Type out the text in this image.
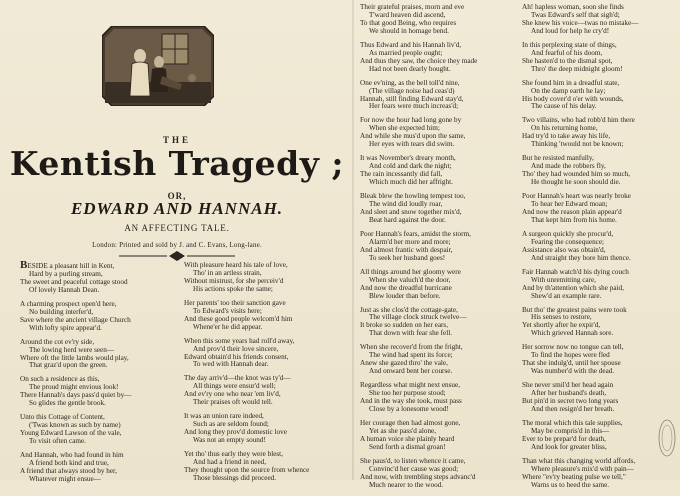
THE
Kentish Tragedy ;
OR,
EDWARD AND HANNAH.
AN AFFECTING TALE.
London: Printed and sold by J. and C. Evans, Long-lane.
BESIDE a pleasant hill in Kent,
Hard by a purling stream,
The sweet and peaceful cottage stood
Of lovely Hannah Dean.
A charming prospect open'd here,
No building interfer'd,
Save where the ancient village Church
With lofty spire appear'd.
Around the cot ev'ry side,
The lowing herd were seen—
Where oft the little lambs would play,
That graz'd upon the green.
On such a residence as this,
The proud might envious look!
There Hannah's days pass'd quiet by—
So glides the gentle brook.
Unto this Cottage of Content,
('Twas known as such by name)
Young Edward Lawson of the vale,
To visit often came.
And Hannah, who had found in him
A friend both kind and true,
A friend that always stood by her,
Whatever might ensue—
With pleasure heard his tale of love,
Tho' in an artless strain,
Without mistrust, for she perceiv'd
His actions spoke the same;
Her parents' too their sanction gave
To Edward's visits here;
And these good people welcom'd him
Whene'er he did appear.
When this some years had roll'd away,
And prov'd their love sincere,
Edward obtain'd his friends consent,
To wed with Hannah dear.
The day arriv'd—the knot was ty'd—
All things were ensur'd well;
And ev'ry one who near 'em liv'd,
Their praises oft would tell.
It was an union rare indeed,
Such as are seldom found;
And long they prov'd domestic love
Was not an empty sound!
Yet tho' thus early they were blest,
And had a friend in need,
They thought upon the source from whence
Those blessings did proceed.
Their grateful praises, morn and eve
T'ward heaven did ascend,
To that good Being, who requires
We should in homage bend.
Thus Edward and his Hannah liv'd,
As married people ought;
And thus they saw, the choice they made
Had not been dearly bought.
One ev'ning, as the bell toll'd nine,
(The village noise had ceas'd)
Hannah, still finding Edward stay'd,
Her fears were much increas'd;
For now the hour had long gone by
When she expected him;
And while she mus'd upon the same,
Her eyes with tears did swim.
It was November's dreary month,
And cold and dark the night;
The rain incessantly did fall,
Which much did her affright.
Bleak blew the howling tempest too,
The wind did loudly roar,
And sleet and snow together mix'd,
Beat hard against the door.
Poor Hannah's fears, amidst the storm,
Alarm'd her more and more;
And almost frantic with despair,
To seek her husband goes!
All things around her gloomy were
When she valuch'd the door,
And now the dreadful hurricane
Blew louder than before.
Just as she clos'd the cottage-gate,
The village clock struck twelve—
It broke so sudden on her ears,
That down with fear she fell.
When she recover'd from the fright,
The wind had spent its force;
Anew she gazed thro' the vale,
And onward bent her course.
Regardless what might next ensue,
She too her purpose stood;
And in the way she took, must pass
Close by a lonesome wood!
Her courage then had almost gone,
Yet as she pass'd alone,
A human voice she plainly heard
Send forth a dismal groan!
She paus'd, to listen whence it came,
Convinc'd her cause was good;
And now, with trembling steps advanc'd
Much nearer to the wood.
Ah! hapless woman, soon she finds
Twas Edward's self that sigh'd;
She knew his voice—twas no mistake—
And loud for help he cry'd!
In this perplexing state of things,
And fearful of his doom,
She hasten'd to the dismal spot,
Thro' the deep midnight gloom!
She found him in a dreadful state,
On the damp earth he lay;
His body cover'd o'er with wounds,
The cause of his delay.
Two villains, who had robb'd him there
On his returning home,
Had try'd to take away his life,
Thinking 'twould not be known;
But he resisted manfully,
And made the robbers fly,
Tho' they had wounded him so much,
He thought he soon should die.
Poor Hannah's heart was nearly broke
To hear her Edward moan;
And now the reason plain appear'd
That kept him from his home.
A surgeon quickly she procur'd,
Fearing the consequence;
Assistance also was obtain'd,
And straight they bore him thence.
Fair Hannah watch'd his dying couch
With unremitting care,
And by th'attention which she paid,
Shew'd an example rare.
But tho' the greatest pains were took
His senses to restore,
Yet shortly after he expir'd,
Which grieved Hannah sore.
Her sorrow now no tongue can tell,
To find the hopes were fled
That she indulg'd, until her spouse
Was number'd with the dead.
She never smil'd her head again
After her husband's death,
But pin'd in secret two long years
And then resign'd her breath.
The moral which this tale supplies,
May be compris'd in this—
Ever to be prepar'd for death,
And look for greater bliss,
Than what this changing world affords,
Where pleasure's mix'd with pain—
Where "ev'ry beating pulse we tell,"
Warns us to heed the same.
